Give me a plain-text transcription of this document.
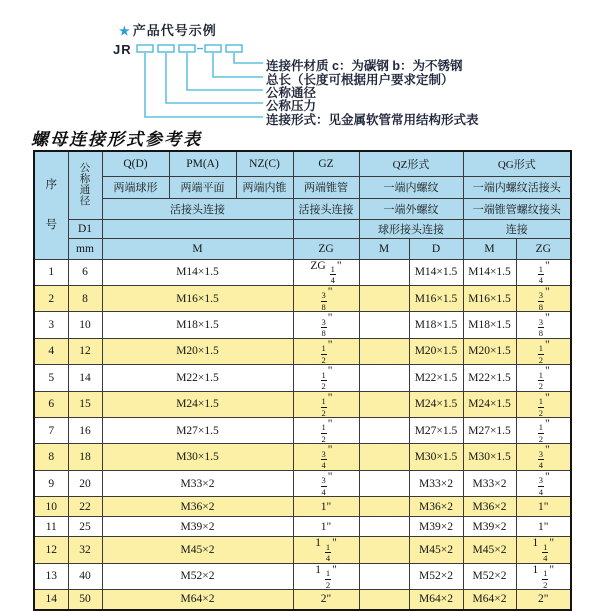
★ 产品代号示例
JR
连接件材质 c：为碳钢 b：为不锈钢
总长（长度可根据用户要求定制）
公称通径
公称压力
连接形式：见金属软管常用结构形式表
螺母连接形式参考表
序
号	公
称
通
径	Q(D)	PM(A)	NZ(C)	GZ	QZ形式		QG形式	
		两端球形	两端平面	两端内锥	两端锥管	一端内螺纹		一端内螺纹活接头	
		活接头连接			活接头连接	一端外螺纹		一端锥管螺纹接头	
	D1					球形接头连接		连接	
	mm	M			ZG	M	D	M	ZG
1	6	M14×1.5			ZG $\frac{1}{4}$ "		M14×1.5	M14×1.5	$\frac{1}{4}$ "
2	8	M16×1.5			$\frac{3}{8}$ "		M16×1.5	M16×1.5	$\frac{3}{8}$ "
3	10	M18×1.5			$\frac{3}{8}$ "		M18×1.5	M18×1.5	$\frac{3}{8}$ "
4	12	M20×1.5			$\frac{1}{2}$ "		M20×1.5	M20×1.5	$\frac{1}{2}$ "
5	14	M22×1.5			$\frac{1}{2}$ "		M22×1.5	M22×1.5	$\frac{1}{2}$ "
6	15	M24×1.5			$\frac{1}{2}$ "		M24×1.5	M24×1.5	$\frac{1}{2}$ "
7	16	M27×1.5			$\frac{1}{2}$ "		M27×1.5	M27×1.5	$\frac{1}{2}$ "
8	18	M30×1.5			$\frac{3}{4}$ "		M30×1.5	M30×1.5	$\frac{3}{4}$ "
9	20	M33×2			$\frac{3}{4}$ "		M33×2	M33×2	$\frac{3}{4}$ "
10	22	M36×2			1"		M36×2	M36×2	1"
11	25	M39×2			1"		M39×2	M39×2	1"
12	32	M45×2			$1 \frac{1}{4}$ "		M45×2	M45×2	$1 \frac{1}{4}$ "
13	40	M52×2			$1 \frac{1}{2}$ "		M52×2	M52×2	$1 \frac{1}{2}$ "
14	50	M64×2			2"		M64×2	M64×2	2"
